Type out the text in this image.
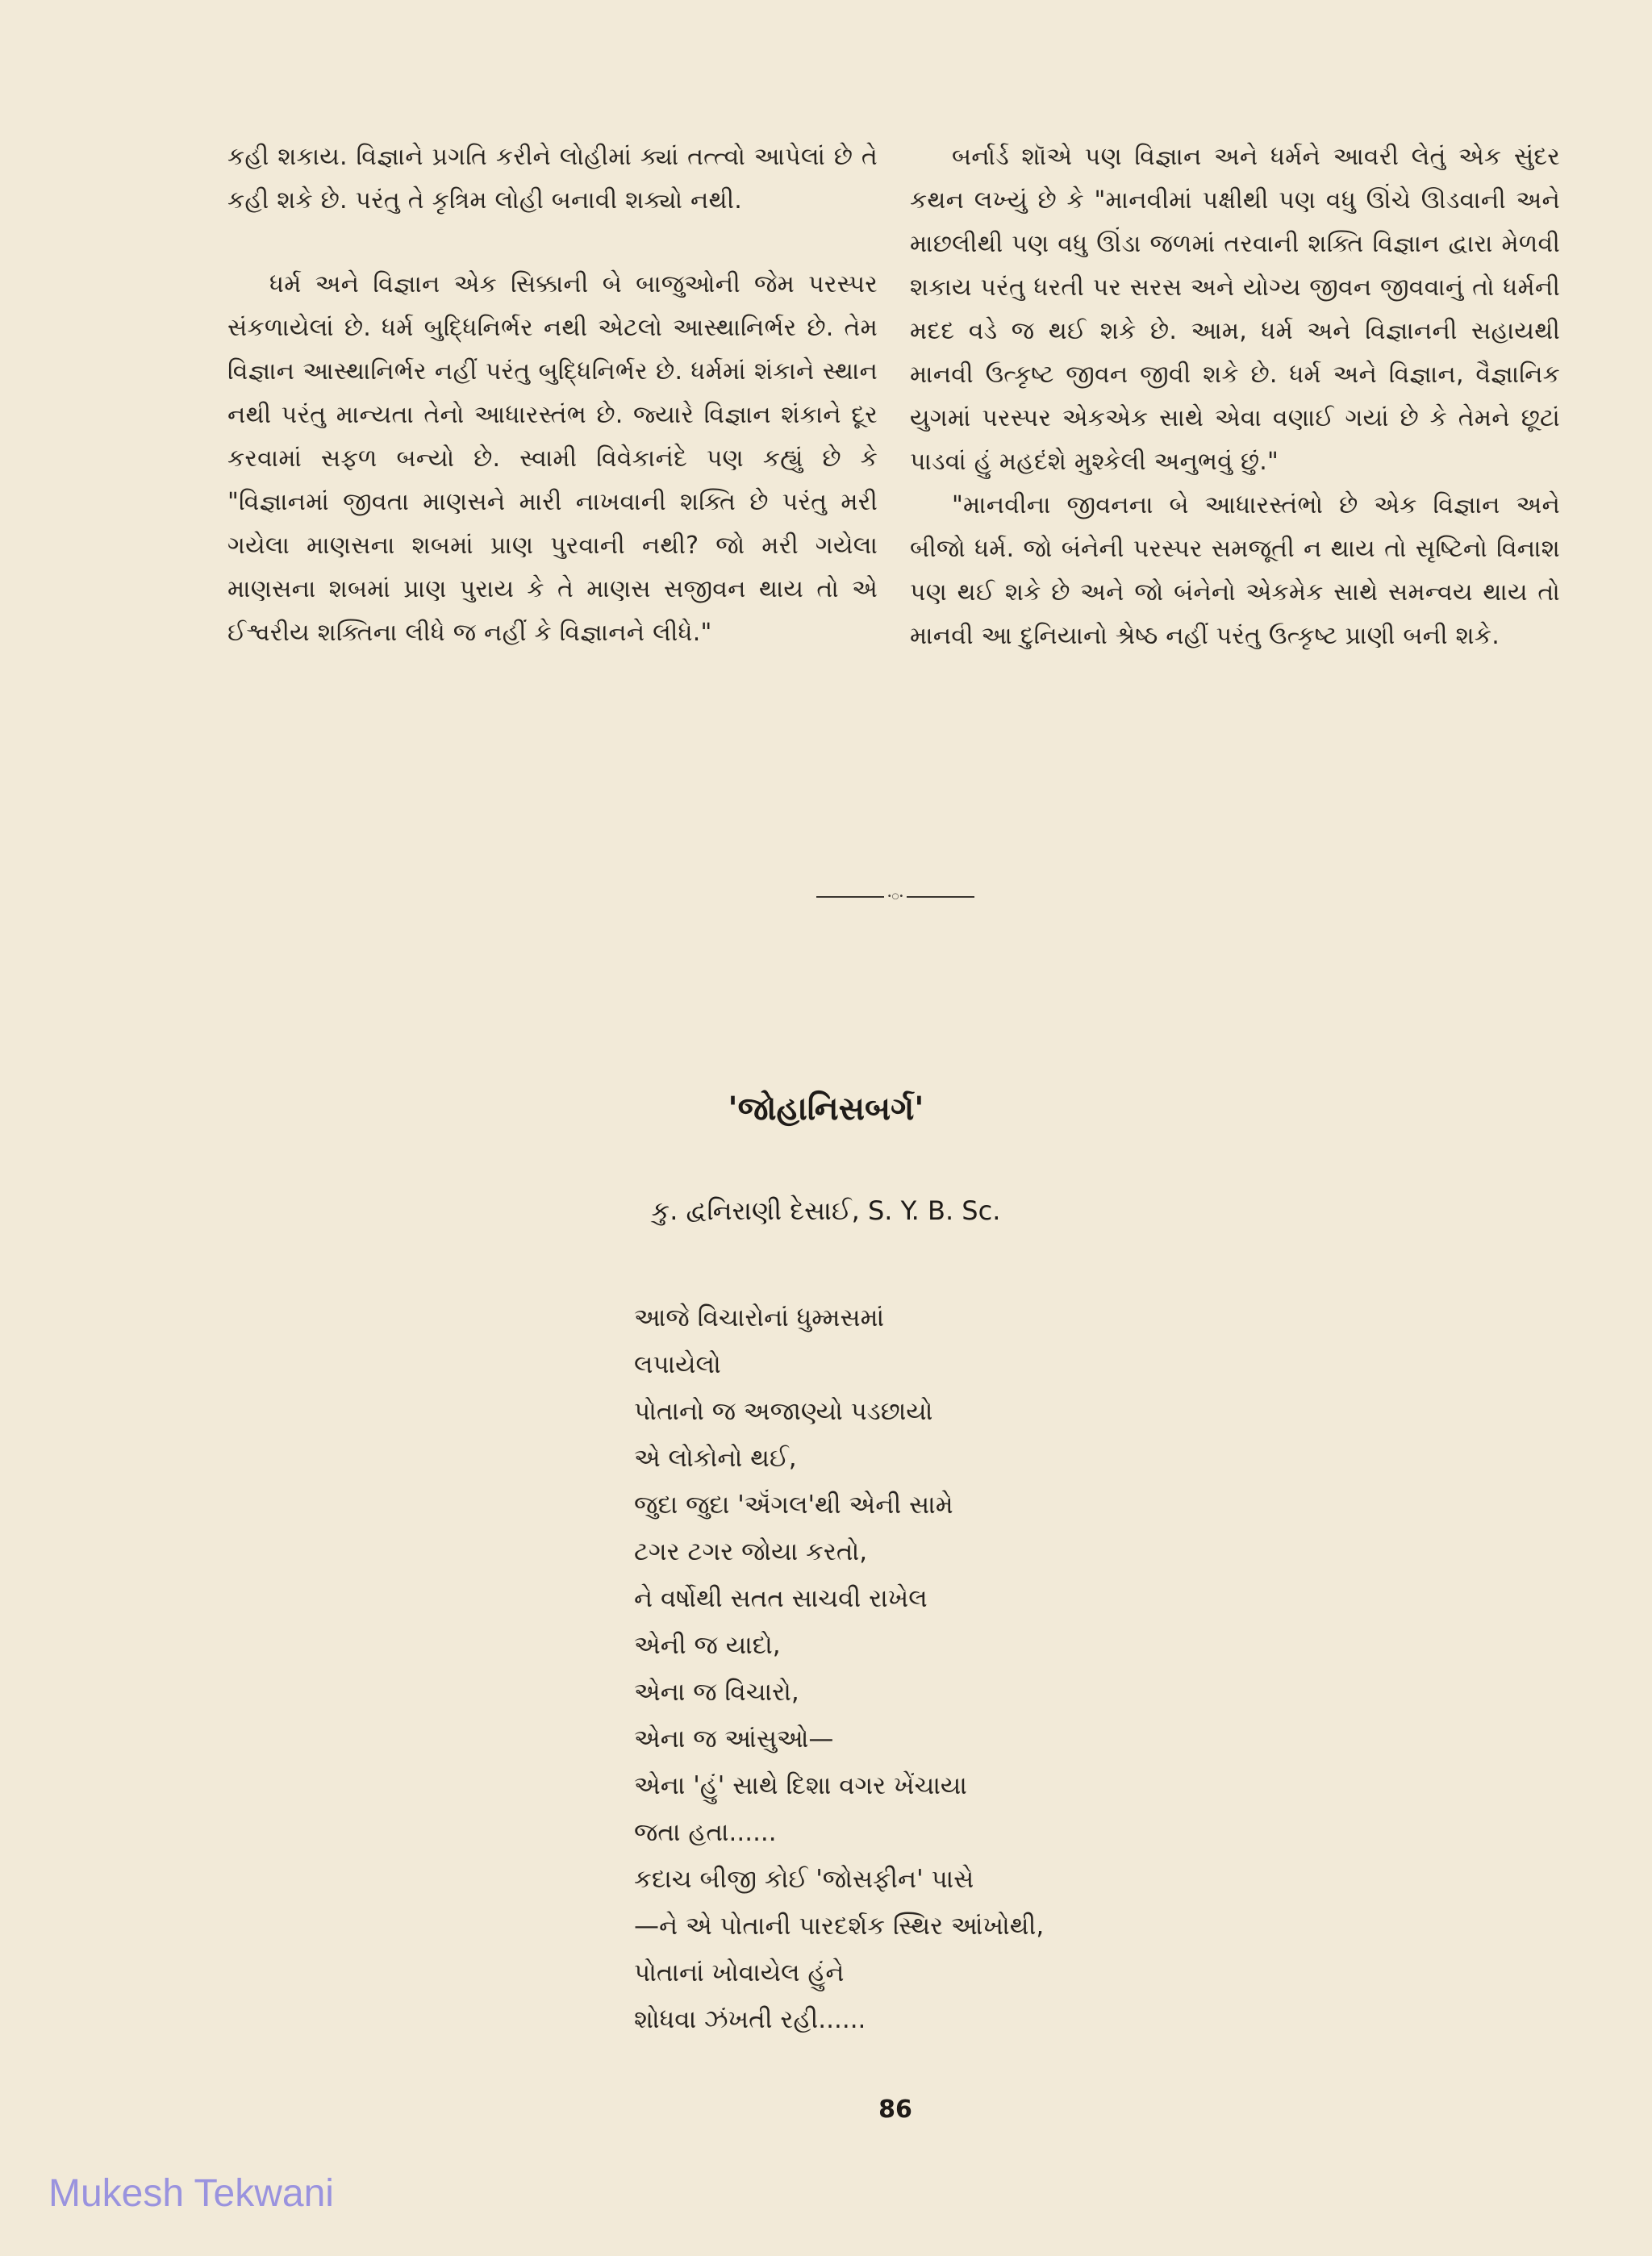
કહી શકાય. વિજ્ઞાને પ્રગતિ કરીને લોહીમાં ક્યાં તત્ત્વો આપેલાં છે તે કહી શકે છે. પરંતુ તે કૃત્રિમ લોહી બનાવી શક્યો નથી.

ધર્મ અને વિજ્ઞાન એક સિક્કાની બે બાજુઓની જેમ પરસ્પર સંકળાયેલાં છે. ધર્મ બુદ્ધિનિર્ભર નથી એટલો આસ્થાનિર્ભર છે. તેમ વિજ્ઞાન આસ્થાનિર્ભર નહીં પરંતુ બુદ્ધિનિર્ભર છે. ધર્મમાં શંકાને સ્થાન નથી પરંતુ માન્યતા તેનો આધારસ્તંભ છે. જ્યારે વિજ્ઞાન શંકાને દૂર કરવામાં સફળ બન્યો છે. સ્વામી વિવેકાનંદે પણ કહ્યું છે કે "વિજ્ઞાનમાં જીવતા માણસને મારી નાખવાની શક્તિ છે પરંતુ મરી ગયેલા માણસના શબમાં પ્રાણ પુરવાની નથી? જો મરી ગયેલા માણસના શબમાં પ્રાણ પુરાય કે તે માણસ સજીવન થાય તો એ ઈશ્વરીય શક્તિના લીધે જ નહીં કે વિજ્ઞાનને લીધે."

બર્નાર્ડ શૉએ પણ વિજ્ઞાન અને ધર્મને આવરી લેતું એક સુંદર કથન લખ્યું છે કે "માનવીમાં પક્ષીથી પણ વધુ ઊંચે ઊડવાની અને માછલીથી પણ વધુ ઊંડા જળમાં તરવાની શક્તિ વિજ્ઞાન દ્વારા મેળવી શકાય પરંતુ ધરતી પર સરસ અને યોગ્ય જીવન જીવવાનું તો ધર્મની મદદ વડે જ થઈ શકે છે. આમ, ધર્મ અને વિજ્ઞાનની સહાયથી માનવી ઉત્કૃષ્ટ જીવન જીવી શકે છે. ધર્મ અને વિજ્ઞાન, વૈજ્ઞાનિક યુગમાં પરસ્પર એકએક સાથે એવા વણાઈ ગયાં છે કે તેમને છૂટાં પાડવાં હું મહદંશે મુશ્કેલી અનુભવું છું."

"માનવીના જીવનના બે આધારસ્તંભો છે એક વિજ્ઞાન અને બીજો ધર્મ. જો બંનેની પરસ્પર સમજૂતી ન થાય તો સૃષ્ટિનો વિનાશ પણ થઈ શકે છે અને જો બંનેનો એકમેક સાથે સમન્વય થાય તો માનવી આ દુનિયાનો શ્રેષ્ઠ નહીં પરંતુ ઉત્કૃષ્ટ પ્રાણી બની શકે.

•○•
'જોહાનિસબર્ગ'
કુ. દ્વનિરાણી દેસાઈ, S. Y. B. Sc.
આજે વિચારોનાં ધુમ્મસમાં
લપાયેલો
પોતાનો જ અજાણ્યો પડછાયો
એ લોકોનો થઈ,
જુદા જુદા 'ઍંગલ'થી એની સામે
ટગર ટગર જોયા કરતો,
ને વર્ષોથી સતત સાચવી રાખેલ
એની જ યાદો,
એના જ વિચારો,
એના જ આંસુઓ—
એના 'હું' સાથે દિશા વગર ખેંચાયા
જતા હતા......
કદાચ બીજી કોઈ 'જોસફીન' પાસે
—ને એ પોતાની પારદર્શક સ્થિર આંખોથી,
પોતાનાં ખોવાયેલ હુંને
શોધવા ઝંખતી રહી......
86
Mukesh Tekwani
